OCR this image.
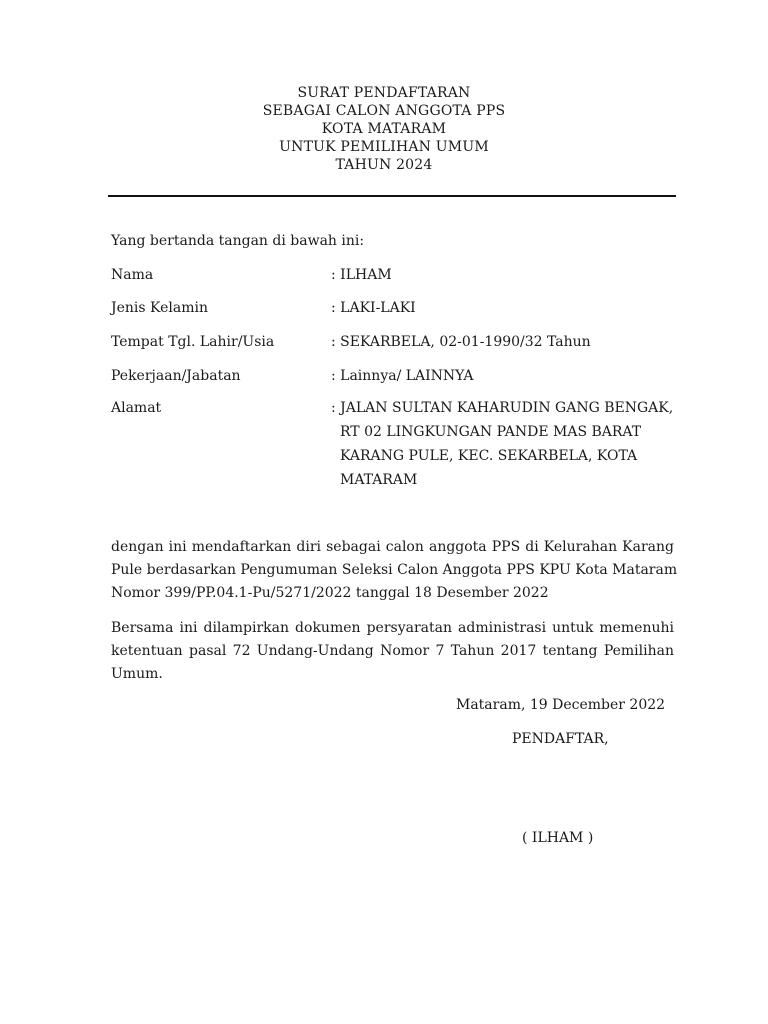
SURAT PENDAFTARAN
SEBAGAI CALON ANGGOTA PPS
KOTA MATARAM
UNTUK PEMILIHAN UMUM
TAHUN 2024
Yang bertanda tangan di bawah ini:
Nama	: ILHAM
Jenis Kelamin	: LAKI-LAKI
Tempat Tgl. Lahir/Usia	: SEKARBELA, 02-01-1990/32 Tahun
Pekerjaan/Jabatan	: Lainnya/ LAINNYA
Alamat	: JALAN SULTAN KAHARUDIN GANG BENGAK,
RT 02 LINGKUNGAN PANDE MAS BARAT
KARANG PULE, KEC. SEKARBELA, KOTA
MATARAM
dengan ini mendaftarkan diri sebagai calon anggota PPS di Kelurahan Karang
Pule berdasarkan Pengumuman Seleksi Calon Anggota PPS KPU Kota Mataram
Nomor 399/PP.04.1-Pu/5271/2022 tanggal 18 Desember 2022
Bersama ini dilampirkan dokumen persyaratan administrasi untuk memenuhi
ketentuan pasal 72 Undang-Undang Nomor 7 Tahun 2017 tentang Pemilihan
Umum.
Mataram, 19 December 2022
PENDAFTAR,
( ILHAM )
